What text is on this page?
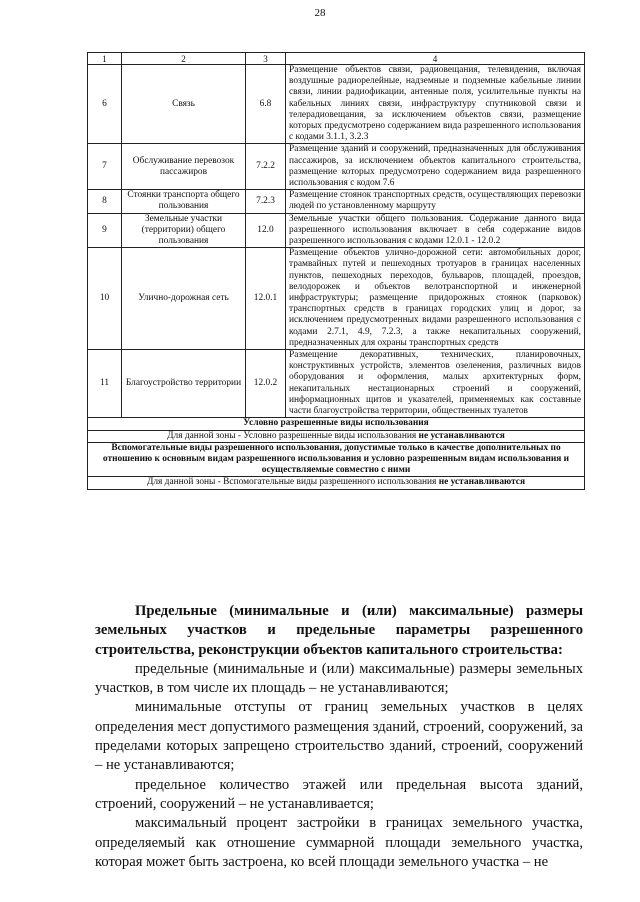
28
1	2	3	4
6	Связь	6.8	Размещение объектов связи, радиовещания, телевидения, включая воздушные радиорелейные, надземные и подземные кабельные линии связи, линии радиофикации, антенные поля, усилительные пункты на кабельных линиях связи, инфраструктуру спутниковой связи и телерадиовещания, за исключением объектов связи, размещение которых предусмотрено содержанием вида разрешенного использования с кодами 3.1.1, 3.2.3
7	Обслуживание перевозок пассажиров	7.2.2	Размещение зданий и сооружений, предназначенных для обслуживания пассажиров, за исключением объектов капитального строительства, размещение которых предусмотрено содержанием вида разрешенного использования с кодом 7.6
8	Стоянки транспорта общего пользования	7.2.3	Размещение стоянок транспортных средств, осуществляющих перевозки людей по установленному маршруту
9	Земельные участки (территории) общего пользования	12.0	Земельные участки общего пользования. Содержание данного вида разрешенного использования включает в себя содержание видов разрешенного использования с кодами 12.0.1 - 12.0.2
10	Улично-дорожная сеть	12.0.1	Размещение объектов улично-дорожной сети: автомобильных дорог, трамвайных путей и пешеходных тротуаров в границах населенных пунктов, пешеходных переходов, бульваров, площадей, проездов, велодорожек и объектов велотранспортной и инженерной инфраструктуры; размещение придорожных стоянок (парковок) транспортных средств в границах городских улиц и дорог, за исключением предусмотренных видами разрешенного использования с кодами 2.7.1, 4.9, 7.2.3, а также некапитальных сооружений, предназначенных для охраны транспортных средств
11	Благоустройство территории	12.0.2	Размещение декоративных, технических, планировочных, конструктивных устройств, элементов озеленения, различных видов оборудования и оформления, малых архитектурных форм, некапитальных нестационарных строений и сооружений, информационных щитов и указателей, применяемых как составные части благоустройства территории, общественных туалетов
Условно разрешенные виды использования			
Для данной зоны - Условно разрешенные виды использования не устанавливаются			
Вспомогательные виды разрешенного использования, допустимые только в качестве дополнительных по отношению к основным видам разрешенного использования и условно разрешенным видам использования и осуществляемые совместно с ними			
Для данной зоны - Вспомогательные виды разрешенного использования не устанавливаются			

Предельные (минимальные и (или) максимальные) размеры земельных участков и предельные параметры разрешенного строительства, реконструкции объектов капитального строительства:

предельные (минимальные и (или) максимальные) размеры земельных участков, в том числе их площадь – не устанавливаются;

минимальные отступы от границ земельных участков в целях определения мест допустимого размещения зданий, строений, сооружений, за пределами которых запрещено строительство зданий, строений, сооружений – не устанавливаются;

предельное количество этажей или предельная высота зданий, строений, сооружений – не устанавливается;

максимальный процент застройки в границах земельного участка, определяемый как отношение суммарной площади земельного участка, которая может быть застроена, ко всей площади земельного участка – не
